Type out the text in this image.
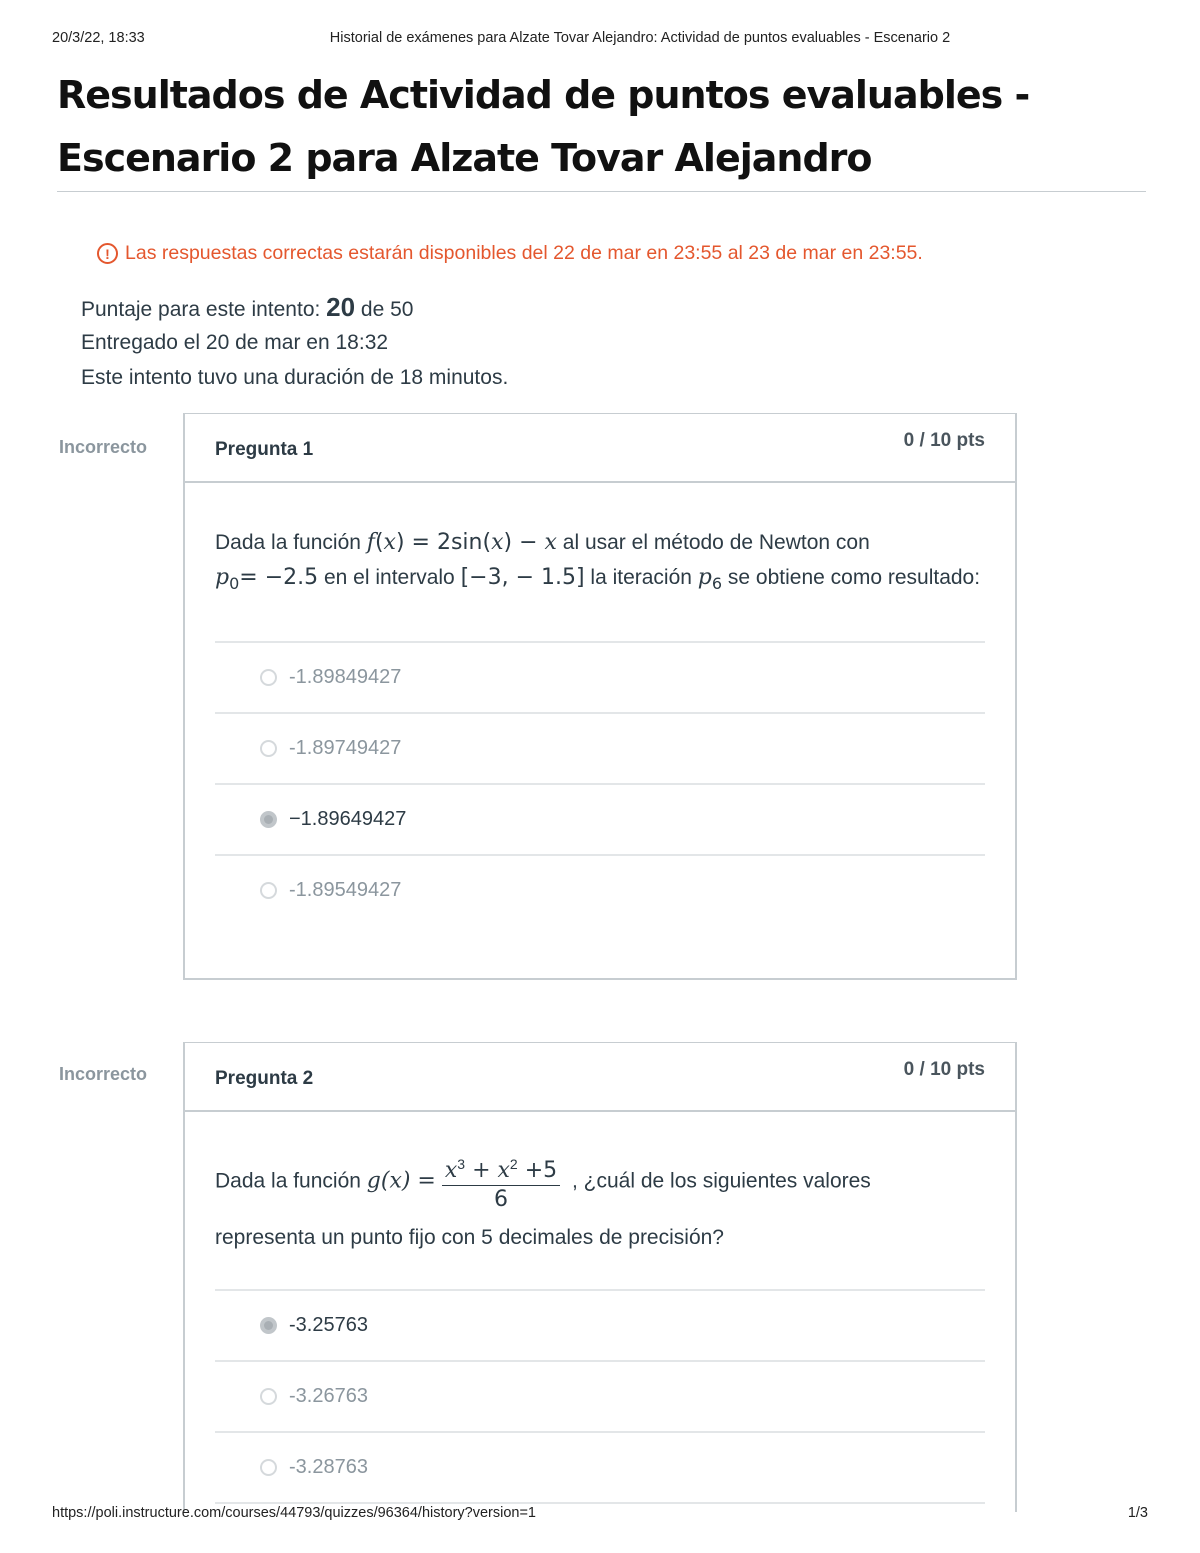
20/3/22, 18:33	Historial de exámenes para Alzate Tovar Alejandro: Actividad de puntos evaluables - Escenario 2
Resultados de Actividad de puntos evaluables -
Escenario 2 para Alzate Tovar Alejandro
! Las respuestas correctas estarán disponibles del 22 de mar en 23:55 al 23 de mar en 23:55.
Puntaje para este intento: 20 de 50
Entregado el 20 de mar en 18:32
Este intento tuvo una duración de 18 minutos.
Incorrecto	Pregunta 1	0 / 10 pts
Dada la función f(x) = 2sin(x) − x al usar el método de Newton con
$p_0= -2.5$ en el intervalo [−3, − 1.5] la iteración $p_6$ se obtiene como resultado:
-1.89849427
-1.89749427
−1.89649427
-1.89549427
Incorrecto	Pregunta 2	0 / 10 pts
Dada la función $g(x) = \frac{x^3 + x^2 +5}{6}$ , ¿cuál de los siguientes valores
representa un punto fijo con 5 decimales de precisión?
-3.25763
-3.26763
-3.28763
https://poli.instructure.com/courses/44793/quizzes/96364/history?version=1	1/3
